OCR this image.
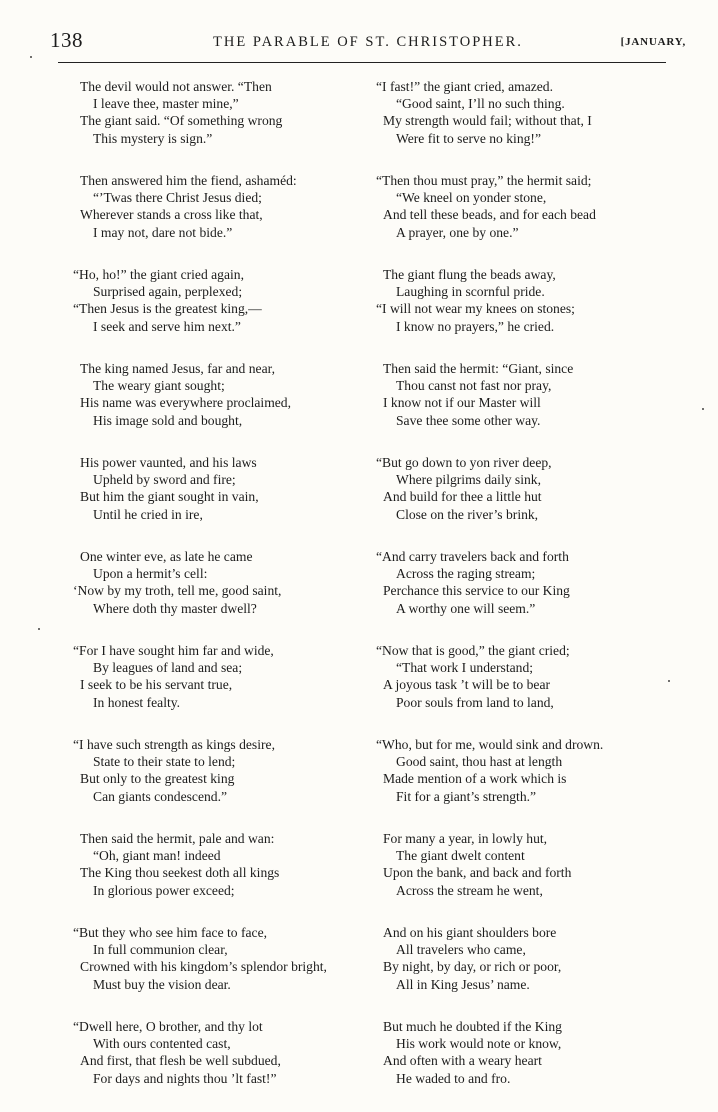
138	THE PARABLE OF ST. CHRISTOPHER.	[JANUARY,
The devil would not answer. “Then
I leave thee, master mine,”
The giant said. “Of something wrong
This mystery is sign.”
Then answered him the fiend, ashaméd:
“’Twas there Christ Jesus died;
Wherever stands a cross like that,
I may not, dare not bide.”
“Ho, ho!” the giant cried again,
Surprised again, perplexed;
“Then Jesus is the greatest king,—
I seek and serve him next.”
The king named Jesus, far and near,
The weary giant sought;
His name was everywhere proclaimed,
His image sold and bought,
His power vaunted, and his laws
Upheld by sword and fire;
But him the giant sought in vain,
Until he cried in ire,
One winter eve, as late he came
Upon a hermit’s cell:
‘Now by my troth, tell me, good saint,
Where doth thy master dwell?
“For I have sought him far and wide,
By leagues of land and sea;
I seek to be his servant true,
In honest fealty.
“I have such strength as kings desire,
State to their state to lend;
But only to the greatest king
Can giants condescend.”
Then said the hermit, pale and wan:
“Oh, giant man! indeed
The King thou seekest doth all kings
In glorious power exceed;
“But they who see him face to face,
In full communion clear,
Crowned with his kingdom’s splendor bright,
Must buy the vision dear.
“Dwell here, O brother, and thy lot
With ours contented cast,
And first, that flesh be well subdued,
For days and nights thou ’lt fast!”
“I fast!” the giant cried, amazed.
“Good saint, I’ll no such thing.
My strength would fail; without that, I
Were fit to serve no king!”
“Then thou must pray,” the hermit said;
“We kneel on yonder stone,
And tell these beads, and for each bead
A prayer, one by one.”
The giant flung the beads away,
Laughing in scornful pride.
“I will not wear my knees on stones;
I know no prayers,” he cried.
Then said the hermit: “Giant, since
Thou canst not fast nor pray,
I know not if our Master will
Save thee some other way.
“But go down to yon river deep,
Where pilgrims daily sink,
And build for thee a little hut
Close on the river’s brink,
“And carry travelers back and forth
Across the raging stream;
Perchance this service to our King
A worthy one will seem.”
“Now that is good,” the giant cried;
“That work I understand;
A joyous task ’t will be to bear
Poor souls from land to land,
“Who, but for me, would sink and drown.
Good saint, thou hast at length
Made mention of a work which is
Fit for a giant’s strength.”
For many a year, in lowly hut,
The giant dwelt content
Upon the bank, and back and forth
Across the stream he went,
And on his giant shoulders bore
All travelers who came,
By night, by day, or rich or poor,
All in King Jesus’ name.
But much he doubted if the King
His work would note or know,
And often with a weary heart
He waded to and fro.
